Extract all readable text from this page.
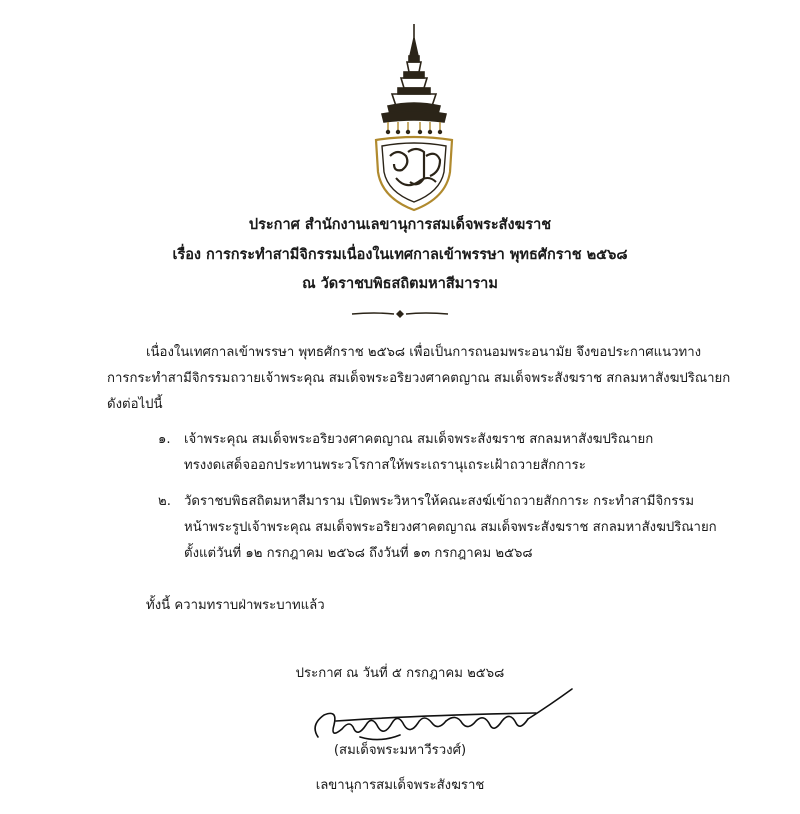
ประกาศ สำนักงานเลขานุการสมเด็จพระสังฆราช
เรื่อง การกระทำสามีจิกรรมเนื่องในเทศกาลเข้าพรรษา พุทธศักราช ๒๕๖๘
ณ วัดราชบพิธสถิตมหาสีมาราม
เนื่องในเทศกาลเข้าพรรษา พุทธศักราช ๒๕๖๘ เพื่อเป็นการถนอมพระอนามัย จึงขอประกาศแนวทาง
การกระทำสามีจิกรรมถวายเจ้าพระคุณ สมเด็จพระอริยวงศาคตญาณ สมเด็จพระสังฆราช สกลมหาสังฆปริณายก
ดังต่อไปนี้
๑. เจ้าพระคุณ สมเด็จพระอริยวงศาคตญาณ สมเด็จพระสังฆราช สกลมหาสังฆปริณายก
ทรงงดเสด็จออกประทานพระวโรกาสให้พระเถรานุเถระเฝ้าถวายสักการะ
๒. วัดราชบพิธสถิตมหาสีมาราม เปิดพระวิหารให้คณะสงฆ์เข้าถวายสักการะ กระทำสามีจิกรรม
หน้าพระรูปเจ้าพระคุณ สมเด็จพระอริยวงศาคตญาณ สมเด็จพระสังฆราช สกลมหาสังฆปริณายก
ตั้งแต่วันที่ ๑๒ กรกฎาคม ๒๕๖๘ ถึงวันที่ ๑๓ กรกฎาคม ๒๕๖๘
ทั้งนี้ ความทราบฝ่าพระบาทแล้ว
ประกาศ ณ วันที่ ๕ กรกฎาคม ๒๕๖๘
(สมเด็จพระมหาวีรวงศ์)
เลขานุการสมเด็จพระสังฆราช
